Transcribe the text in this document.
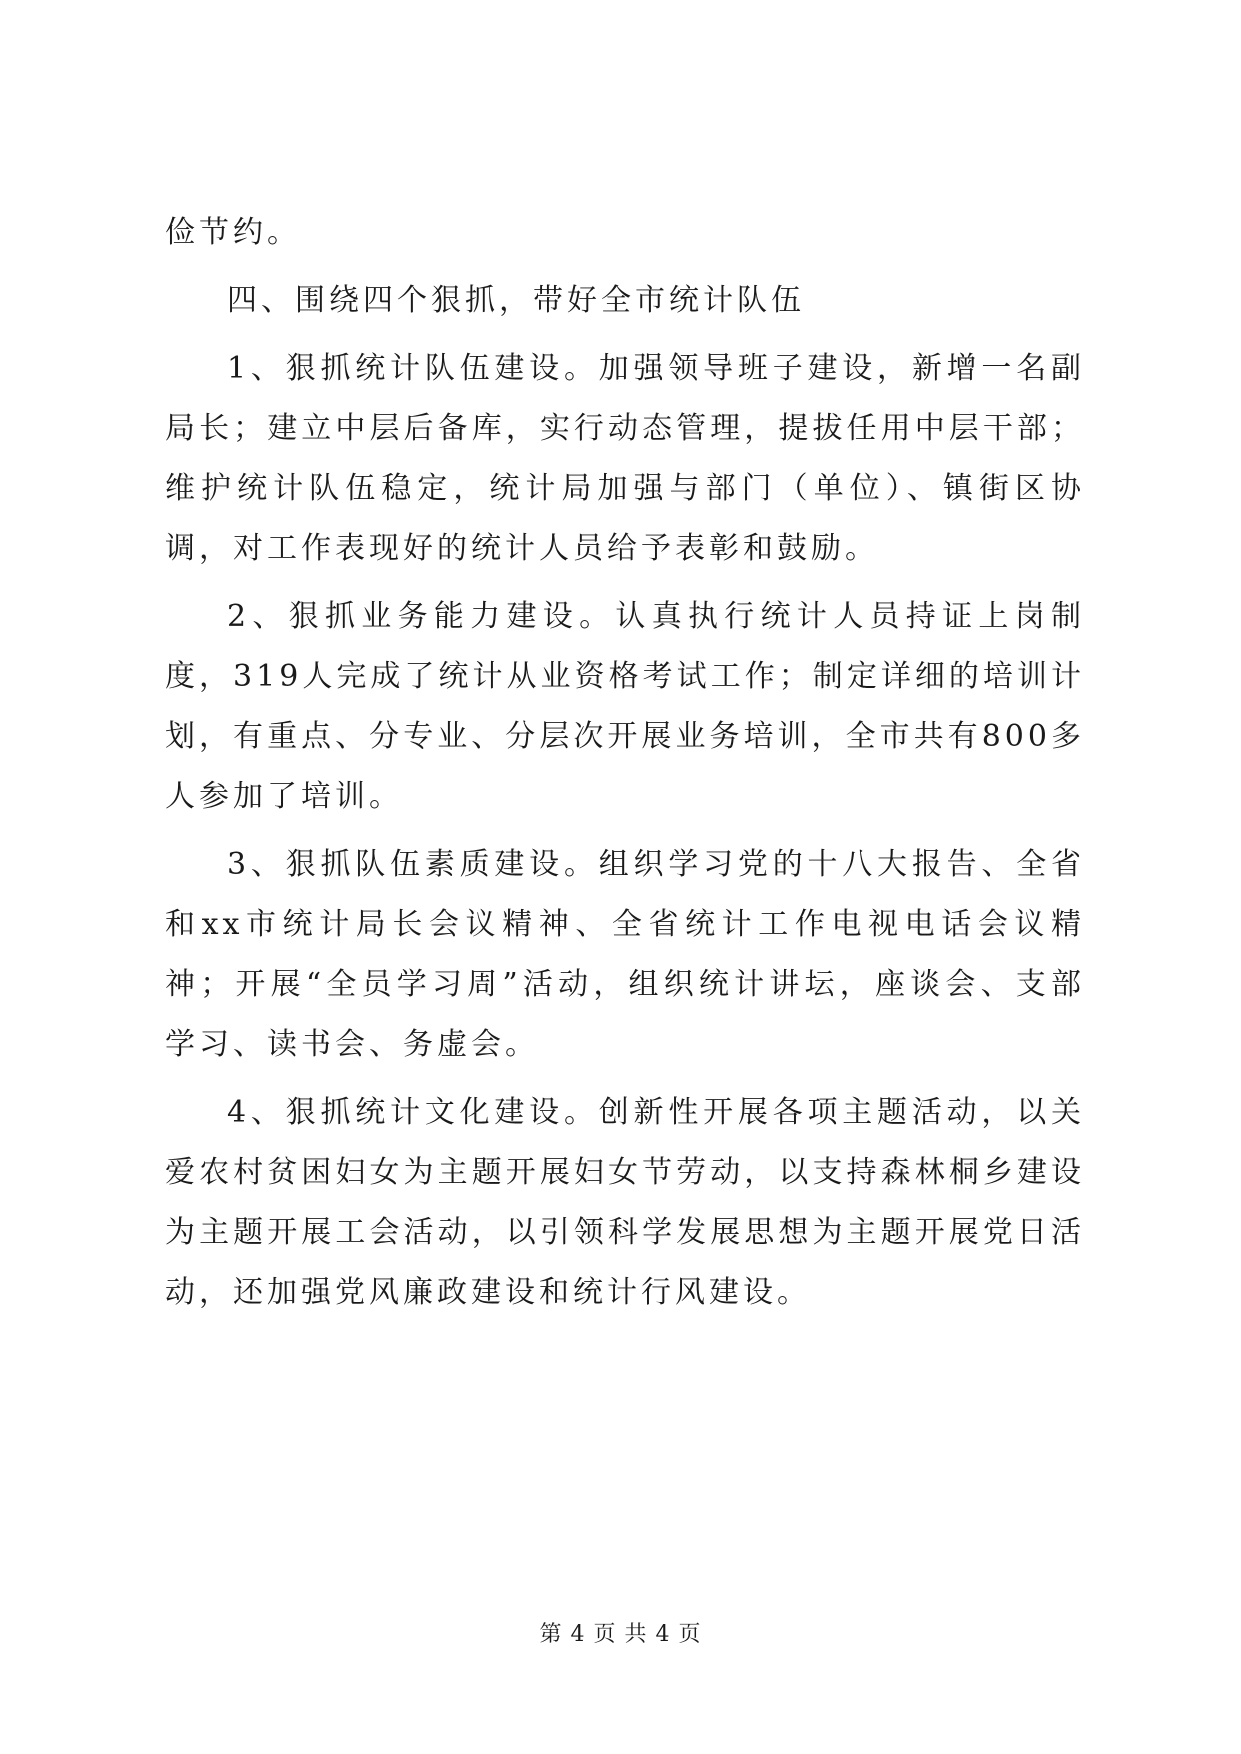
俭节约。

四、围绕四个狠抓，带好全市统计队伍

1、狠抓统计队伍建设。加强领导班子建设，新增一名副局长；建立中层后备库，实行动态管理，提拔任用中层干部；维护统计队伍稳定，统计局加强与部门（单位）、镇街区协调，对工作表现好的统计人员给予表彰和鼓励。

2、狠抓业务能力建设。认真执行统计人员持证上岗制度，319人完成了统计从业资格考试工作；制定详细的培训计划，有重点、分专业、分层次开展业务培训，全市共有800多人参加了培训。

3、狠抓队伍素质建设。组织学习党的十八大报告、全省和xx市统计局长会议精神、全省统计工作电视电话会议精神；开展“全员学习周”活动，组织统计讲坛，座谈会、支部学习、读书会、务虚会。

4、狠抓统计文化建设。创新性开展各项主题活动，以关爱农村贫困妇女为主题开展妇女节劳动，以支持森林桐乡建设为主题开展工会活动，以引领科学发展思想为主题开展党日活动，还加强党风廉政建设和统计行风建设。

第 4 页 共 4 页
